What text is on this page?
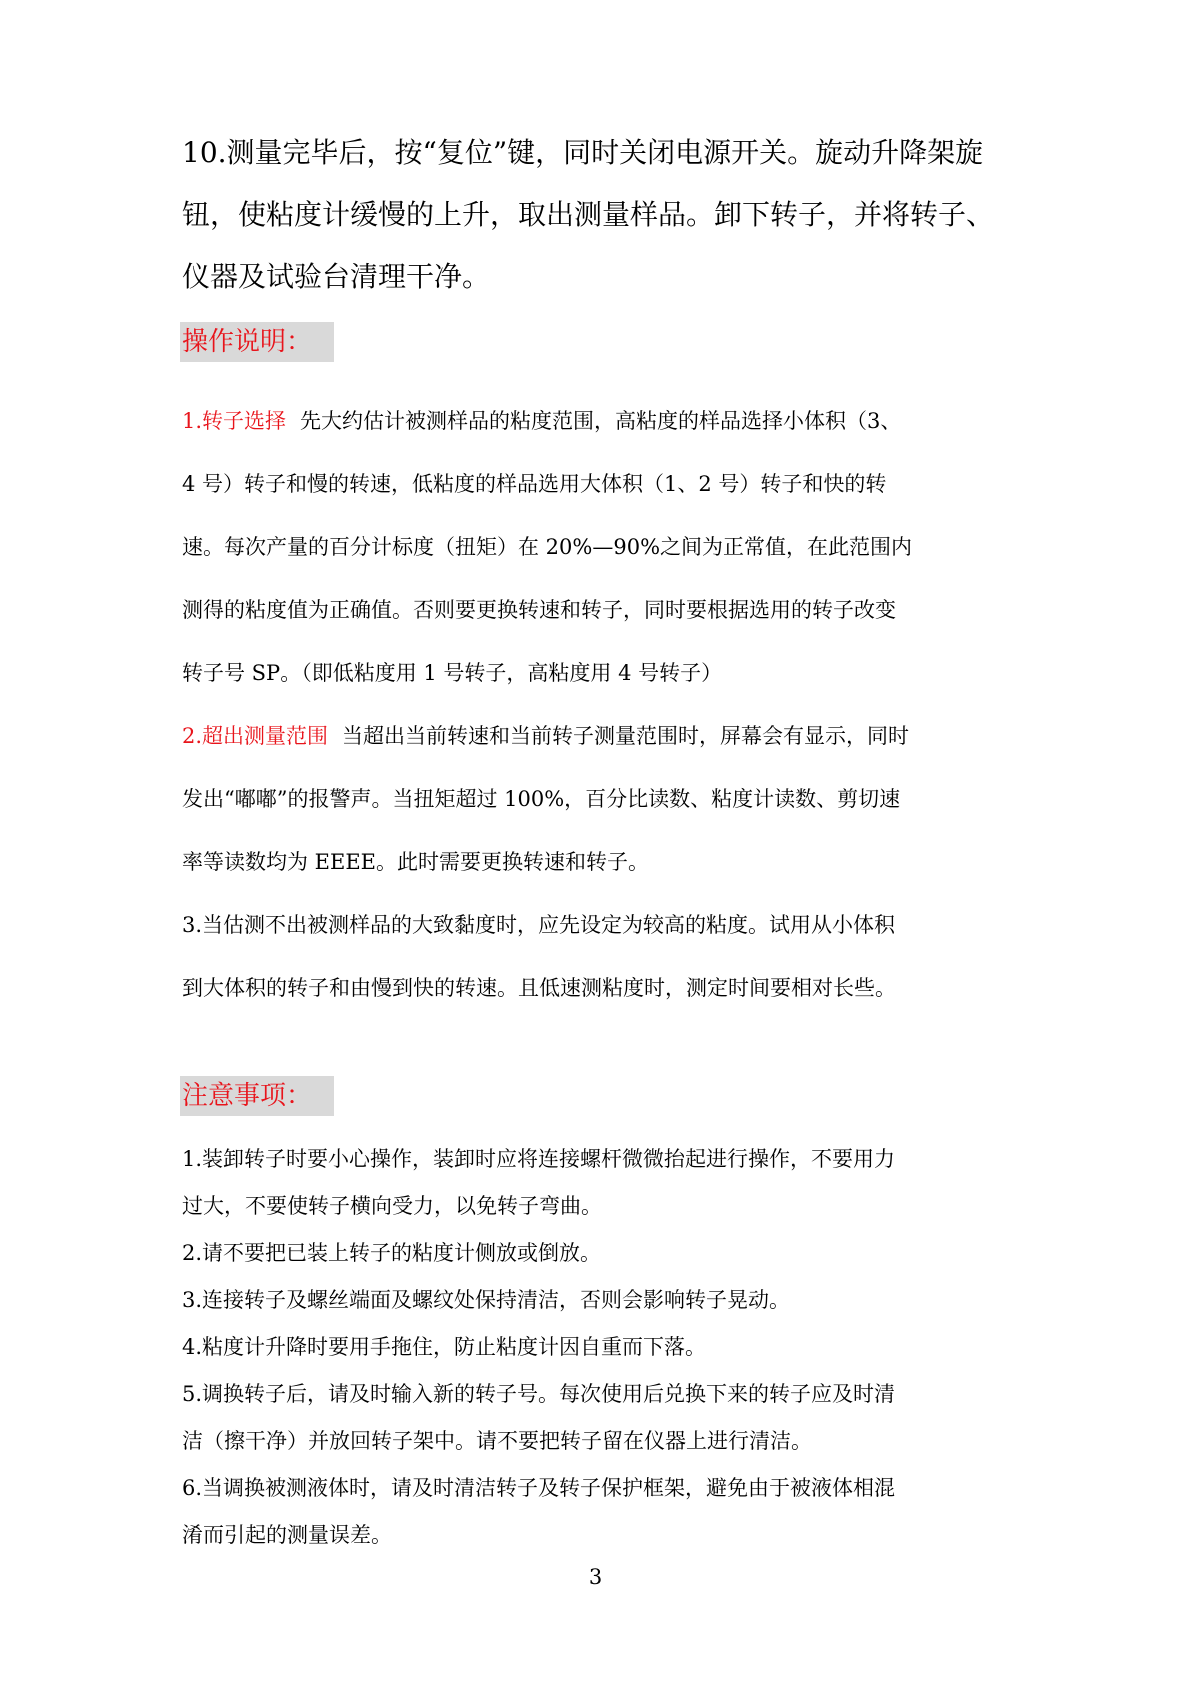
10.测量完毕后，按“复位”键，同时关闭电源开关。旋动升降架旋

钮，使粘度计缓慢的上升，取出测量样品。卸下转子，并将转子、

仪器及试验台清理干净。

操作说明：

1.转子选择 先大约估计被测样品的粘度范围，高粘度的样品选择小体积（3、

4 号）转子和慢的转速，低粘度的样品选用大体积（1、2 号）转子和快的转

速。每次产量的百分计标度（扭矩）在 20%—90%之间为正常值，在此范围内

测得的粘度值为正确值。否则要更换转速和转子，同时要根据选用的转子改变

转子号 SP。（即低粘度用 1 号转子，高粘度用 4 号转子）

2.超出测量范围 当超出当前转速和当前转子测量范围时，屏幕会有显示，同时

发出“嘟嘟”的报警声。当扭矩超过 100%，百分比读数、粘度计读数、剪切速

率等读数均为 EEEE。此时需要更换转速和转子。

3.当估测不出被测样品的大致黏度时，应先设定为较高的粘度。试用从小体积

到大体积的转子和由慢到快的转速。且低速测粘度时，测定时间要相对长些。

注意事项：

1.装卸转子时要小心操作，装卸时应将连接螺杆微微抬起进行操作，不要用力

过大，不要使转子横向受力，以免转子弯曲。

2.请不要把已装上转子的粘度计侧放或倒放。

3.连接转子及螺丝端面及螺纹处保持清洁，否则会影响转子晃动。

4.粘度计升降时要用手拖住，防止粘度计因自重而下落。

5.调换转子后，请及时输入新的转子号。每次使用后兑换下来的转子应及时清

洁（擦干净）并放回转子架中。请不要把转子留在仪器上进行清洁。

6.当调换被测液体时，请及时清洁转子及转子保护框架，避免由于被液体相混

淆而引起的测量误差。

3
